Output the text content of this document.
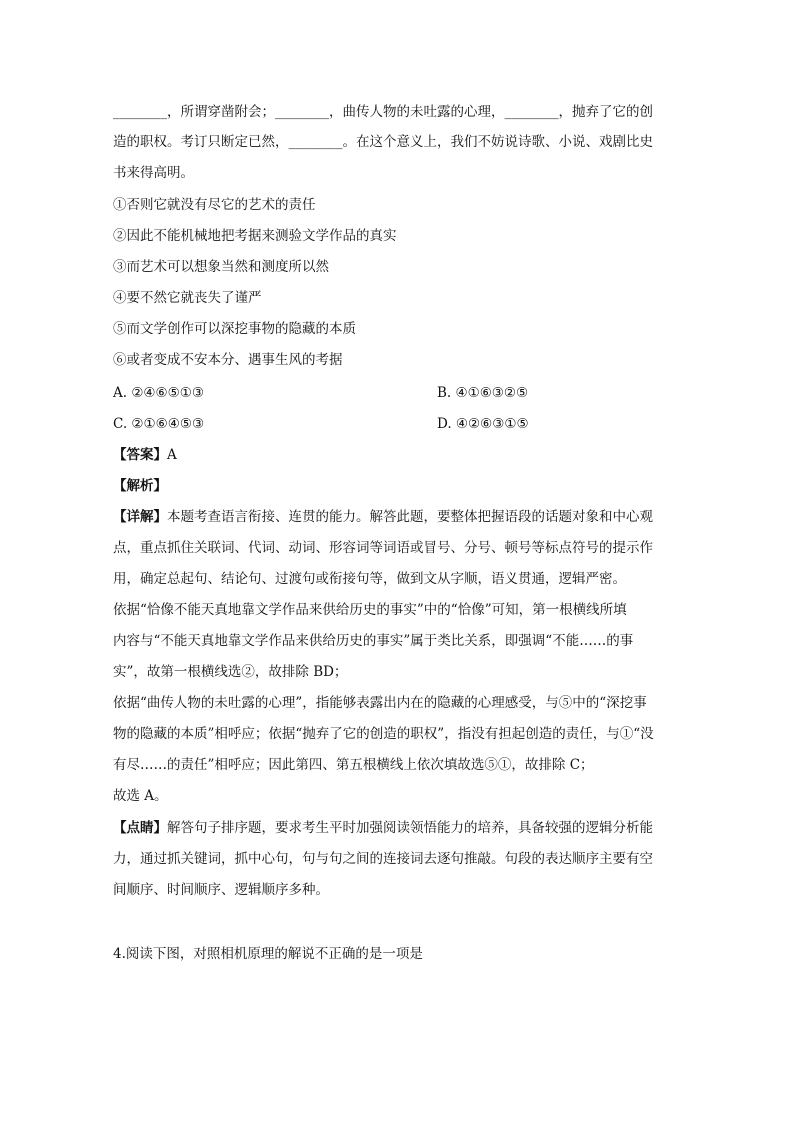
________，所谓穿凿附会；________，曲传人物的未吐露的心理，________，抛弃了它的创
造的职权。考订只断定已然，________。在这个意义上，我们不妨说诗歌、小说、戏剧比史
书来得高明。
①否则它就没有尽它的艺术的责任
②因此不能机械地把考据来测验文学作品的真实
③而艺术可以想象当然和测度所以然
④要不然它就丧失了谨严
⑤而文学创作可以深挖事物的隐藏的本质
⑥或者变成不安本分、遇事生风的考据
A. ②④⑥⑤①③	B. ④①⑥③②⑤
C. ②①⑥④⑤③	D. ④②⑥③①⑤
【答案】A
【解析】
【详解】本题考查语言衔接、连贯的能力。解答此题，要整体把握语段的话题对象和中心观
点，重点抓住关联词、代词、动词、形容词等词语或冒号、分号、顿号等标点符号的提示作
用，确定总起句、结论句、过渡句或衔接句等，做到文从字顺，语义贯通，逻辑严密。
依据“恰像不能天真地靠文学作品来供给历史的事实”中的“恰像”可知，第一根横线所填
内容与“不能天真地靠文学作品来供给历史的事实”属于类比关系，即强调“不能……的事
实”，故第一根横线选②，故排除 BD；
依据“曲传人物的未吐露的心理”，指能够表露出内在的隐藏的心理感受，与⑤中的“深挖事
物的隐藏的本质”相呼应；依据“抛弃了它的创造的职权”，指没有担起创造的责任，与①“没
有尽……的责任”相呼应；因此第四、第五根横线上依次填故选⑤①，故排除 C；
故选 A。
【点睛】解答句子排序题，要求考生平时加强阅读领悟能力的培养，具备较强的逻辑分析能
力，通过抓关键词，抓中心句，句与句之间的连接词去逐句推敲。句段的表达顺序主要有空
间顺序、时间顺序、逻辑顺序多种。
4.阅读下图，对照相机原理的解说不正确的是一项是
